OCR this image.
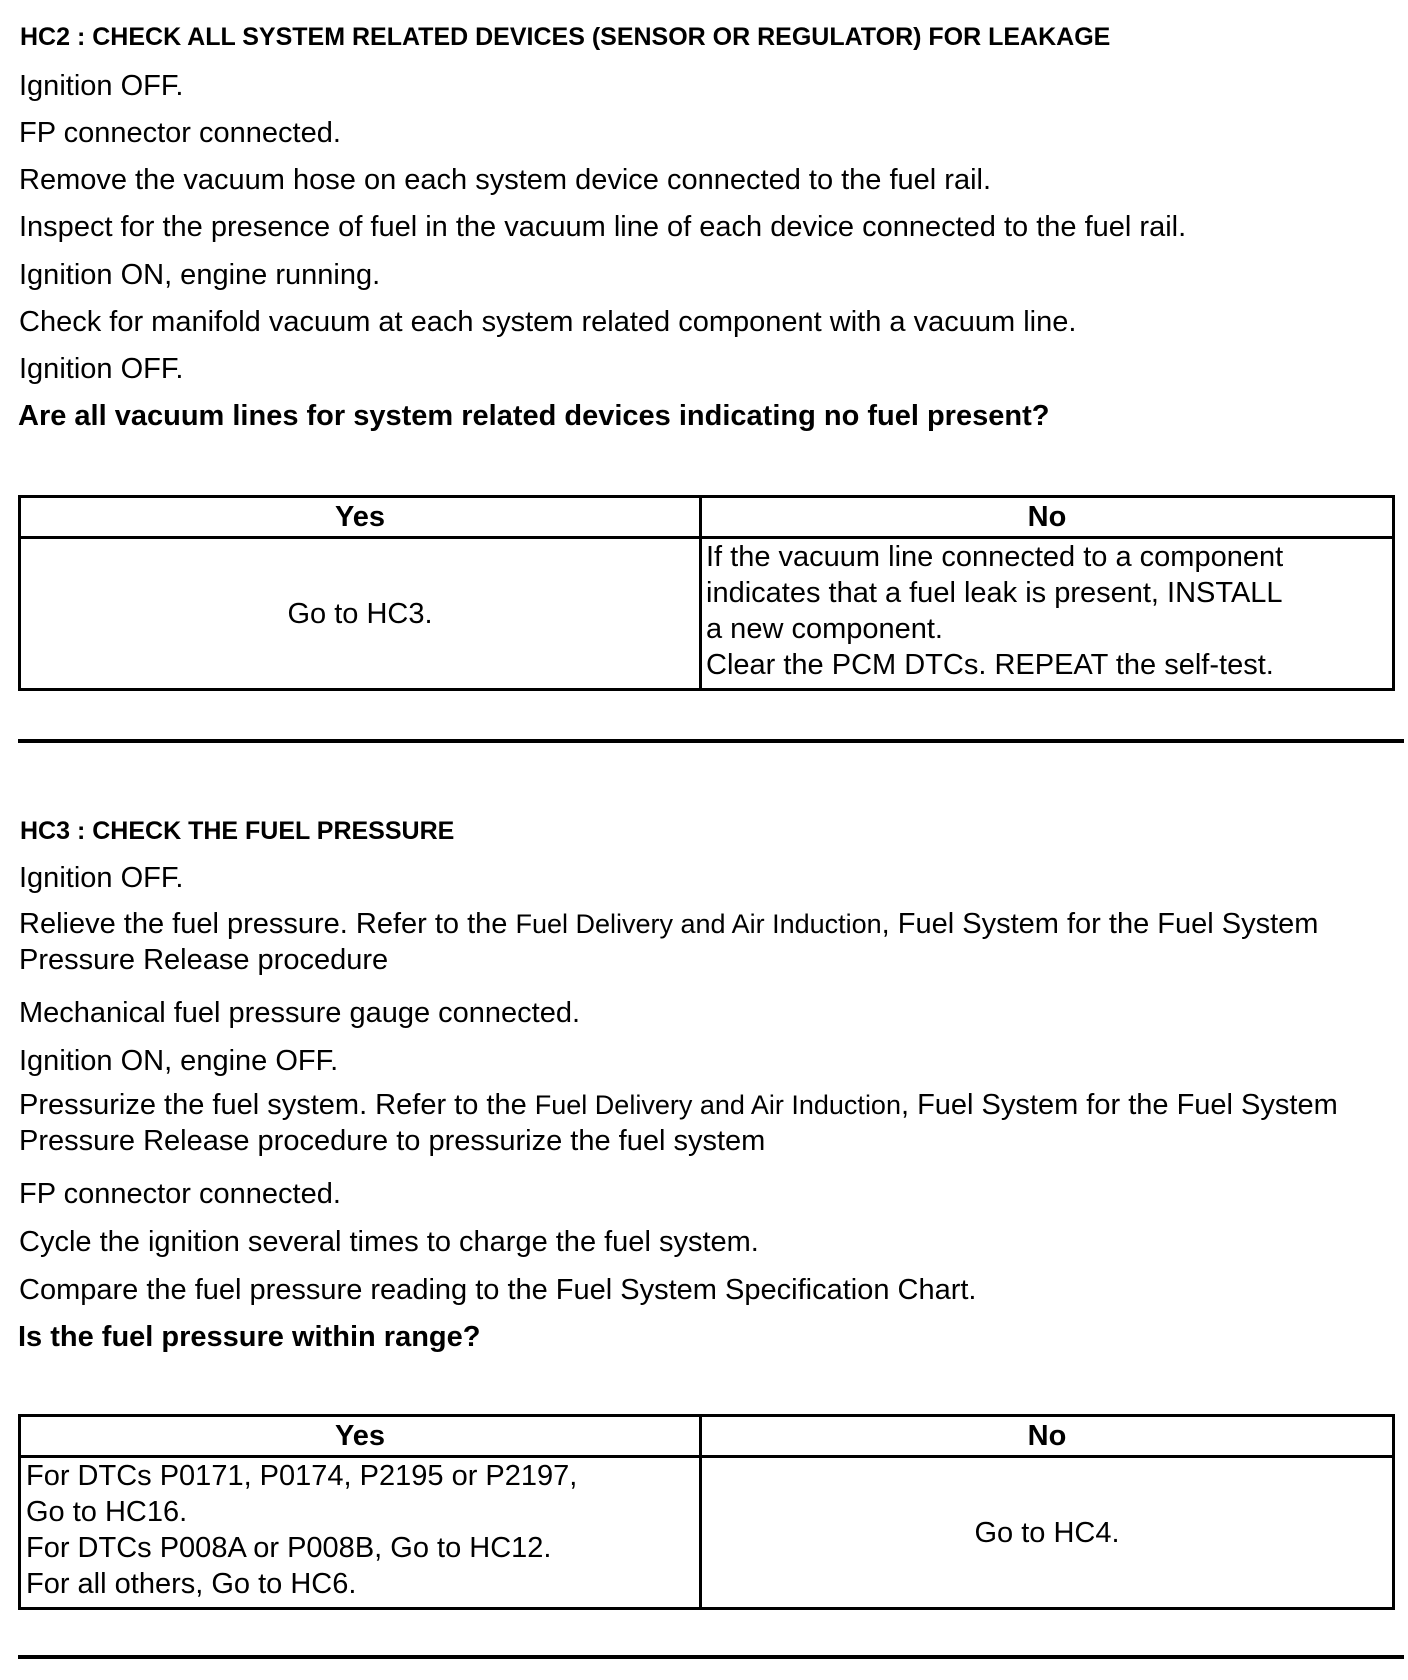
HC2 : CHECK ALL SYSTEM RELATED DEVICES (SENSOR OR REGULATOR) FOR LEAKAGE
Ignition OFF.
FP connector connected.
Remove the vacuum hose on each system device connected to the fuel rail.
Inspect for the presence of fuel in the vacuum line of each device connected to the fuel rail.
Ignition ON, engine running.
Check for manifold vacuum at each system related component with a vacuum line.
Ignition OFF.
Are all vacuum lines for system related devices indicating no fuel present?
Yes	No
Go to HC3.	If the vacuum line connected to a component
indicates that a fuel leak is present, INSTALL
a new component.
Clear the PCM DTCs. REPEAT the self-test.
HC3 : CHECK THE FUEL PRESSURE
Ignition OFF.
Relieve the fuel pressure. Refer to the Fuel Delivery and Air Induction, Fuel System for the Fuel System Pressure Release procedure
Mechanical fuel pressure gauge connected.
Ignition ON, engine OFF.
Pressurize the fuel system. Refer to the Fuel Delivery and Air Induction, Fuel System for the Fuel System Pressure Release procedure to pressurize the fuel system
FP connector connected.
Cycle the ignition several times to charge the fuel system.
Compare the fuel pressure reading to the Fuel System Specification Chart.
Is the fuel pressure within range?
Yes	No

For DTCs P0171, P0174, P2195 or P2197,
Go to HC16.
For DTCs P008A or P008B, Go to HC12.
For all others, Go to HC6.	Go to HC4.
